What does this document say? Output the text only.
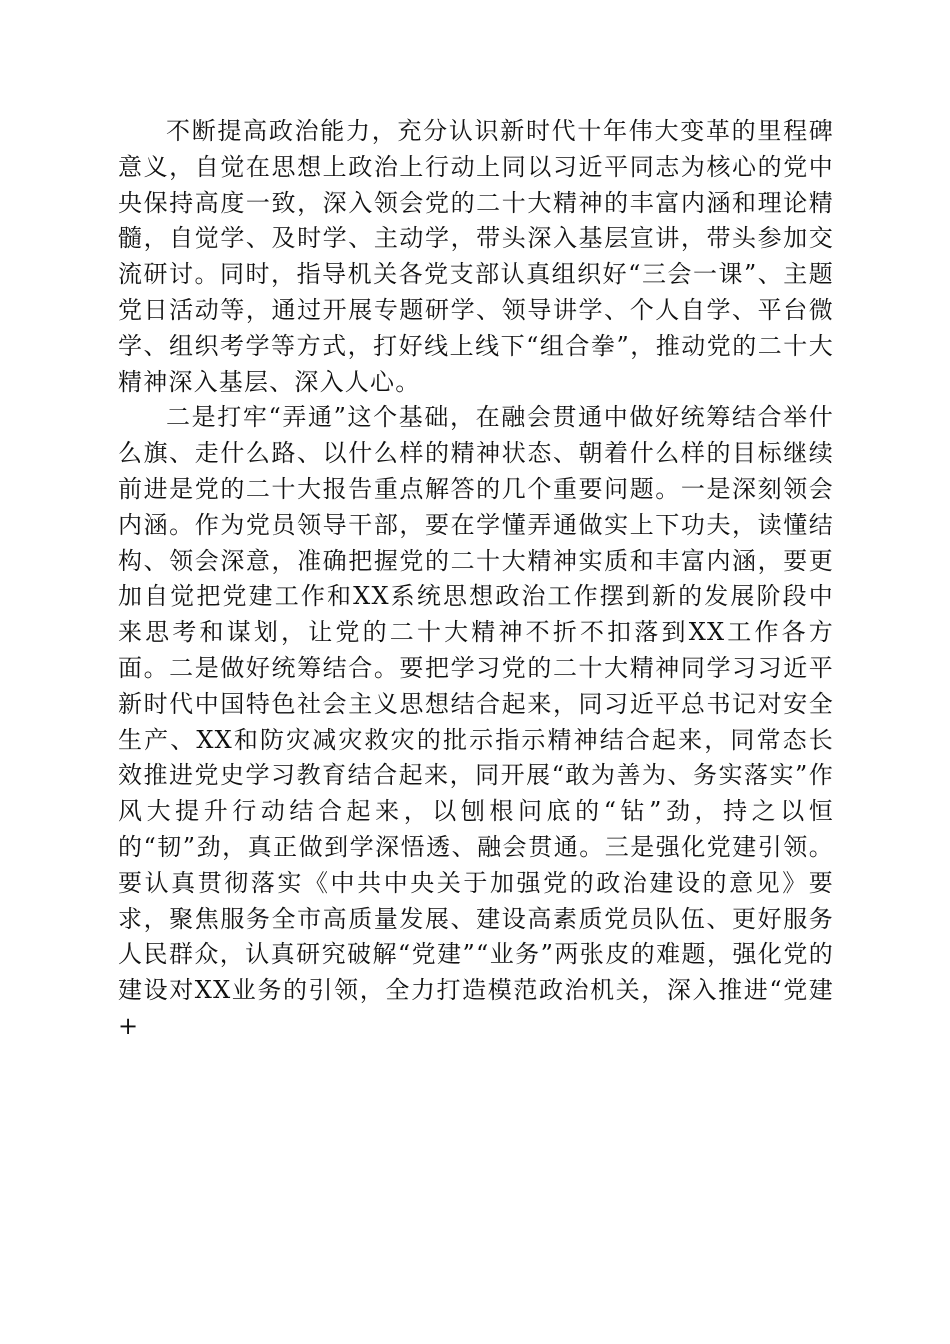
不断提高政治能力，充分认识新时代十年伟大变革的里程碑意义，自觉在思想上政治上行动上同以习近平同志为核心的党中央保持高度一致，深入领会党的二十大精神的丰富内涵和理论精髓，自觉学、及时学、主动学，带头深入基层宣讲，带头参加交流研讨。同时，指导机关各党支部认真组织好“三会一课”、主题党日活动等，通过开展专题研学、领导讲学、个人自学、平台微学、组织考学等方式，打好线上线下“组合拳”，推动党的二十大精神深入基层、深入人心。

二是打牢“弄通”这个基础，在融会贯通中做好统筹结合举什么旗、走什么路、以什么样的精神状态、朝着什么样的目标继续前进是党的二十大报告重点解答的几个重要问题。一是深刻领会内涵。作为党员领导干部，要在学懂弄通做实上下功夫，读懂结构、领会深意，准确把握党的二十大精神实质和丰富内涵，要更加自觉把党建工作和XX系统思想政治工作摆到新的发展阶段中来思考和谋划，让党的二十大精神不折不扣落到XX工作各方面。二是做好统筹结合。要把学习党的二十大精神同学习习近平新时代中国特色社会主义思想结合起来，同习近平总书记对安全生产、XX和防灾减灾救灾的批示指示精神结合起来，同常态长效推进党史学习教育结合起来，同开展“敢为善为、务实落实”作风大提升行动结合起来，以刨根问底的“钻”劲，持之以恒的“韧”劲，真正做到学深悟透、融会贯通。三是强化党建引领。要认真贯彻落实《中共中央关于加强党的政治建设的意见》要求，聚焦服务全市高质量发展、建设高素质党员队伍、更好服务人民群众，认真研究破解“党建”“业务”两张皮的难题，强化党的建设对XX业务的引领，全力打造模范政治机关，深入推进“党建+
